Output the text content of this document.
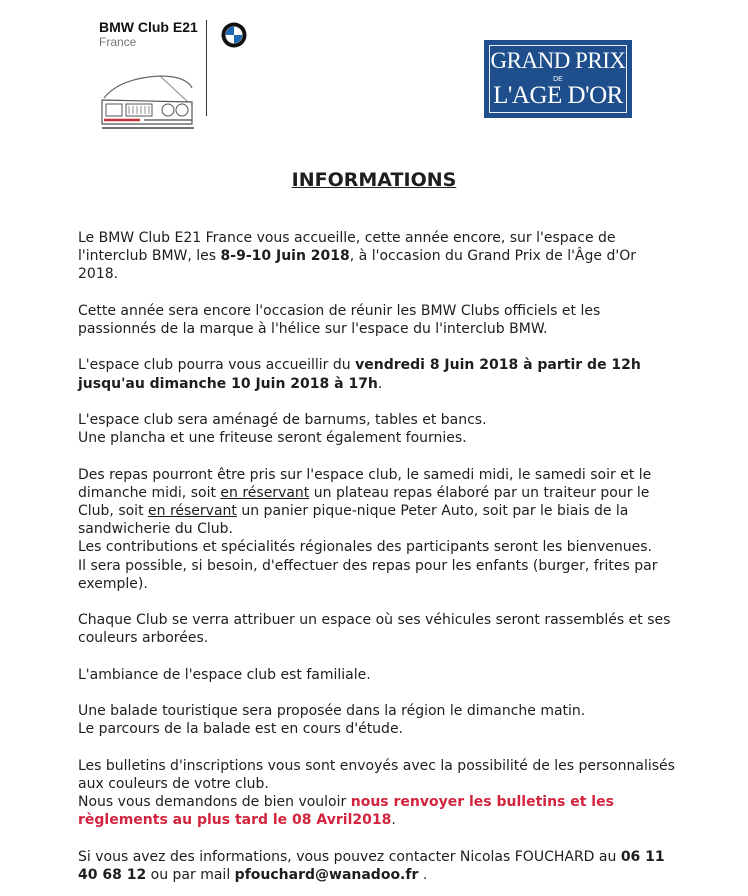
BMW Club E21
France
GRAND PRIX
DE
L'AGE D'OR
INFORMATIONS

Le BMW Club E21 France vous accueille, cette année encore, sur l'espace de l'interclub BMW, les 8-9-10 Juin 2018, à l'occasion du Grand Prix de l'Âge d'Or 2018.

Cette année sera encore l'occasion de réunir les BMW Clubs officiels et les passionnés de la marque à l'hélice sur l'espace du l'interclub BMW.

L'espace club pourra vous accueillir du vendredi 8 Juin 2018 à partir de 12h jusqu'au dimanche 10 Juin 2018 à 17h.

L'espace club sera aménagé de barnums, tables et bancs.
Une plancha et une friteuse seront également fournies.

Des repas pourront être pris sur l'espace club, le samedi midi, le samedi soir et le dimanche midi, soit en réservant un plateau repas élaboré par un traiteur pour le Club, soit en réservant un panier pique-nique Peter Auto, soit par le biais de la sandwicherie du Club.
Les contributions et spécialités régionales des participants seront les bienvenues.
Il sera possible, si besoin, d'effectuer des repas pour les enfants (burger, frites par exemple).

Chaque Club se verra attribuer un espace où ses véhicules seront rassemblés et ses couleurs arborées.

L'ambiance de l'espace club est familiale.

Une balade touristique sera proposée dans la région le dimanche matin.
Le parcours de la balade est en cours d'étude.

Les bulletins d'inscriptions vous sont envoyés avec la possibilité de les personnalisés aux couleurs de votre club.
Nous vous demandons de bien vouloir nous renvoyer les bulletins et les règlements au plus tard le 08 Avril2018.

Si vous avez des informations, vous pouvez contacter Nicolas FOUCHARD au 06 11 40 68 12 ou par mail pfouchard@wanadoo.fr .
